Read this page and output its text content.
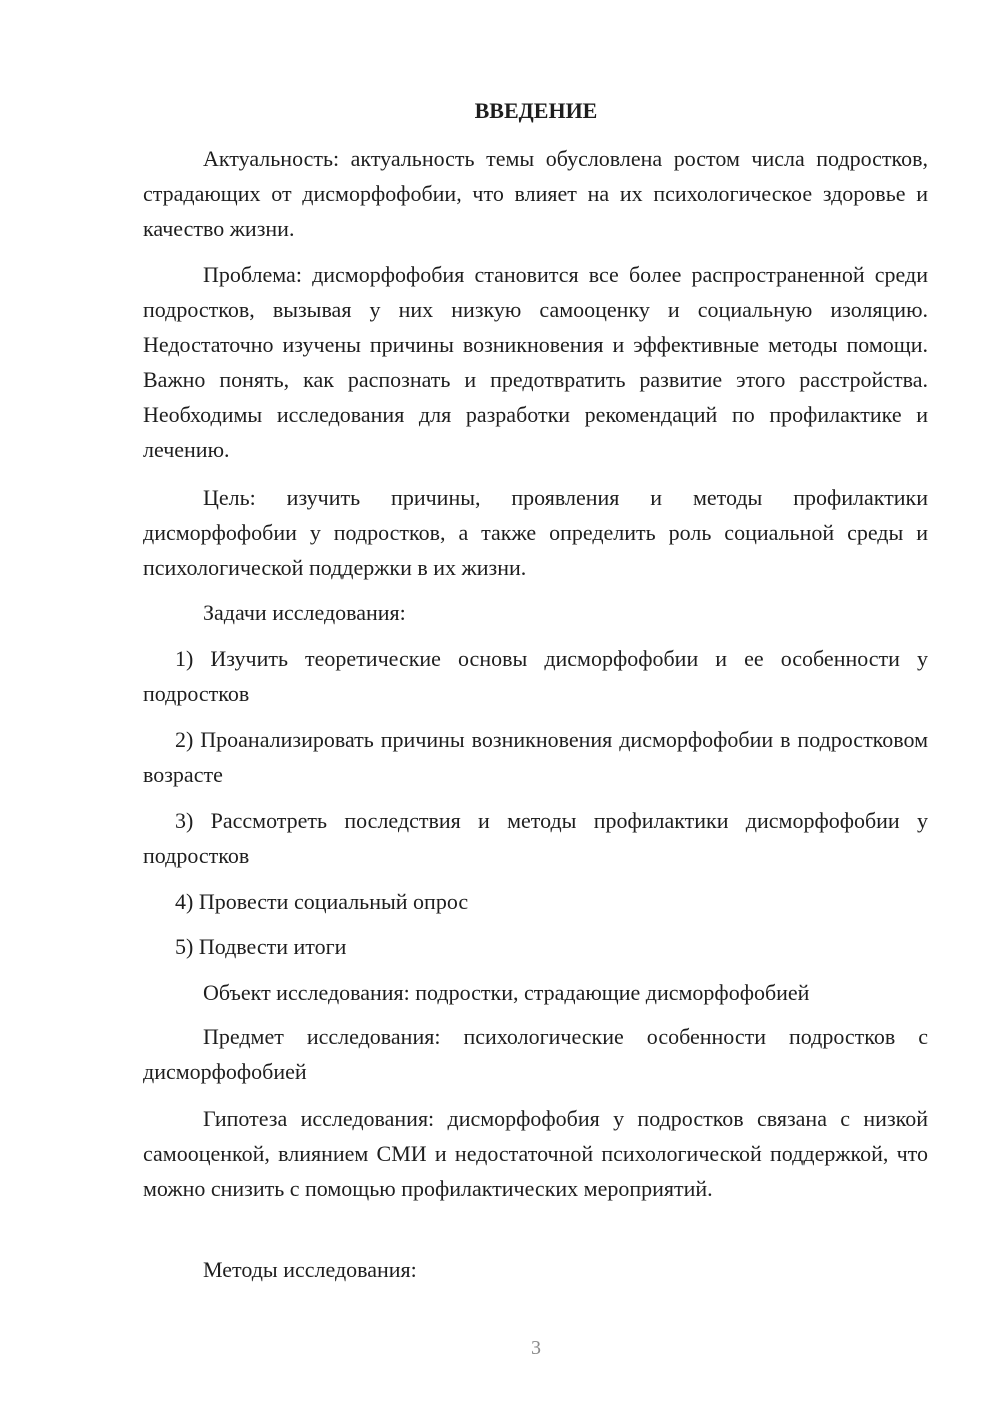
ВВЕДЕНИЕ

Актуальность: актуальность темы обусловлена ростом числа подростков, страдающих от дисморфофобии, что влияет на их психологическое здоровье и качество жизни.

Проблема: дисморфофобия становится все более распространенной среди подростков, вызывая у них низкую самооценку и социальную изоляцию. Недостаточно изучены причины возникновения и эффективные методы помощи. Важно понять, как распознать и предотвратить развитие этого расстройства. Необходимы исследования для разработки рекомендаций по профилактике и лечению.

Цель: изучить причины, проявления и методы профилактики дисморфофобии у подростков, а также определить роль социальной среды и психологической поддержки в их жизни.

Задачи исследования:

1) Изучить теоретические основы дисморфофобии и ее особенности у подростков

2) Проанализировать причины возникновения дисморфофобии в подростковом возрасте

3) Рассмотреть последствия и методы профилактики дисморфофобии у подростков

4) Провести социальный опрос

5) Подвести итоги

Объект исследования: подростки, страдающие дисморфофобией

Предмет исследования: психологические особенности подростков с дисморфофобией

Гипотеза исследования: дисморфофобия у подростков связана с низкой самооценкой, влиянием СМИ и недостаточной психологической поддержкой, что можно снизить с помощью профилактических мероприятий.

Методы исследования:

3
